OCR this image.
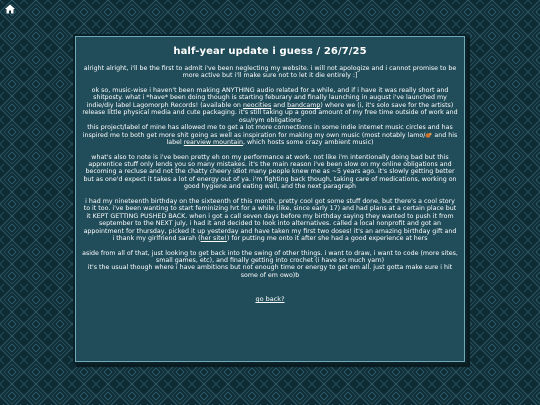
half-year update i guess / 26/7/25

alright alright, i'll be the first to admit i've been neglecting my website. i will not apologize and i cannot promise to be more active but i'll make sure not to let it die entirely :]

ok so, music-wise i haven't been making ANYTHING audio related for a while, and if i have it was really short and shitposty. what i *have* been doing though is starting feburary and finally launching in august i've launched my indie/diy label Lagomorph Records! (available on neocities and bandcamp) where we (i, it's solo save for the artists) release little physical media and cute packaging. it's still taking up a good amount of my free time outside of work and osu/rym obligations

this project/label of mine has allowed me to get a lot more connections in some indie internet music circles and has inspired me to both get more shit going as well as inspiration for making my own music (most notably lamo/ and his label rearview mountain, which hosts some crazy ambient music)

what's also to note is i've been pretty eh on my performance at work. not like i'm intentionally doing bad but this apprentice stuff only lends you so many mistakes. it's the main reason i've been slow on my online obligations and becoming a recluse and not the chatty cheery idiot many people knew me as ~5 years ago. it's slowly getting better but as one'd expect it takes a lot of energy out of ya. i'm fighting back though, taking care of medications, working on good hygiene and eating well, and the next paragraph

i had my nineteenth birthday on the sixteenth of this month, pretty cool got some stuff done, but there's a cool story to it too. i've been wanting to start feminizing hrt for a while (like, since early 17) and had plans at a certain place but it KEPT GETTING PUSHED BACK. when i got a call seven days before my birthday saying they wanted to push it from september to the NEXT july, i had it and decided to look into alternatives. called a local nonprofit and got an appointment for thursday, picked it up yesterday and have taken my first two doses! it's an amazing birthday gift and i thank my girlfriend sarah (her site!) for putting me onto it after she had a good experience at hers

aside from all of that, just looking to get back into the swing of other things. i want to draw, i want to code (more sites, small games, etc), and finally getting into crochet (i have so much yarn)

it's the usual though where i have ambitions but not enough time or energy to get em all. just gotta make sure i hit some of em owo)b

go back?
